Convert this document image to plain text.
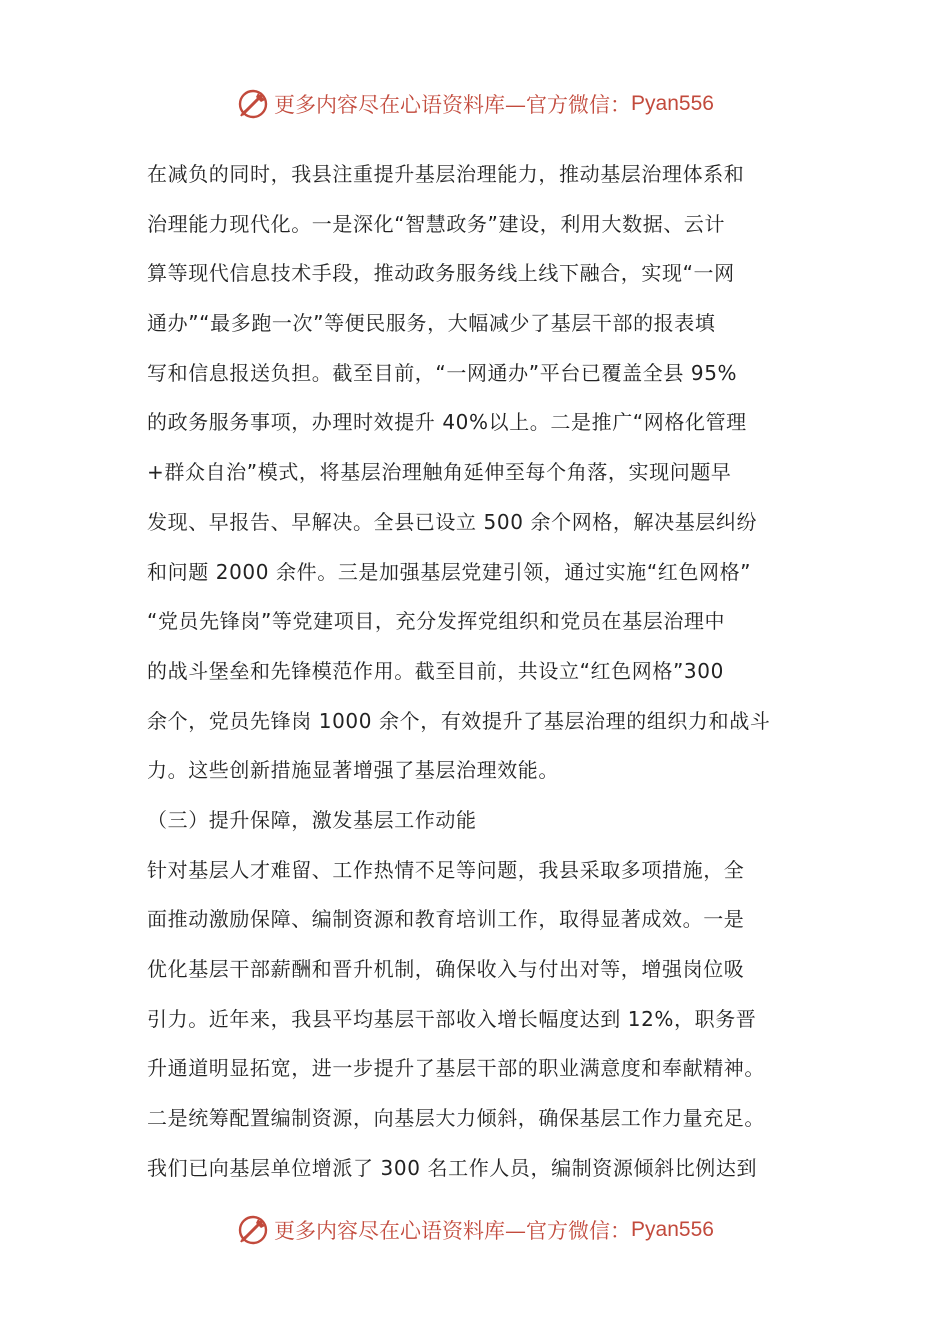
更多内容尽在心语资料库—官方微信： Pyan556
在减负的同时，我县注重提升基层治理能力，推动基层治理体系和
治理能力现代化。一是深化“智慧政务”建设，利用大数据、云计
算等现代信息技术手段，推动政务服务线上线下融合，实现“一网
通办”“最多跑一次”等便民服务，大幅减少了基层干部的报表填
写和信息报送负担。截至目前，“一网通办”平台已覆盖全县 95%
的政务服务事项，办理时效提升 40%以上。二是推广“网格化管理
+群众自治”模式，将基层治理触角延伸至每个角落，实现问题早
发现、早报告、早解决。全县已设立 500 余个网格，解决基层纠纷
和问题 2000 余件。三是加强基层党建引领，通过实施“红色网格”
“党员先锋岗”等党建项目，充分发挥党组织和党员在基层治理中
的战斗堡垒和先锋模范作用。截至目前，共设立“红色网格”300
余个，党员先锋岗 1000 余个，有效提升了基层治理的组织力和战斗
力。这些创新措施显著增强了基层治理效能。
（三）提升保障，激发基层工作动能
针对基层人才难留、工作热情不足等问题，我县采取多项措施，全
面推动激励保障、编制资源和教育培训工作，取得显著成效。一是
优化基层干部薪酬和晋升机制，确保收入与付出对等，增强岗位吸
引力。近年来，我县平均基层干部收入增长幅度达到 12%，职务晋
升通道明显拓宽，进一步提升了基层干部的职业满意度和奉献精神。
二是统筹配置编制资源，向基层大力倾斜，确保基层工作力量充足。
我们已向基层单位增派了 300 名工作人员，编制资源倾斜比例达到
更多内容尽在心语资料库—官方微信： Pyan556
